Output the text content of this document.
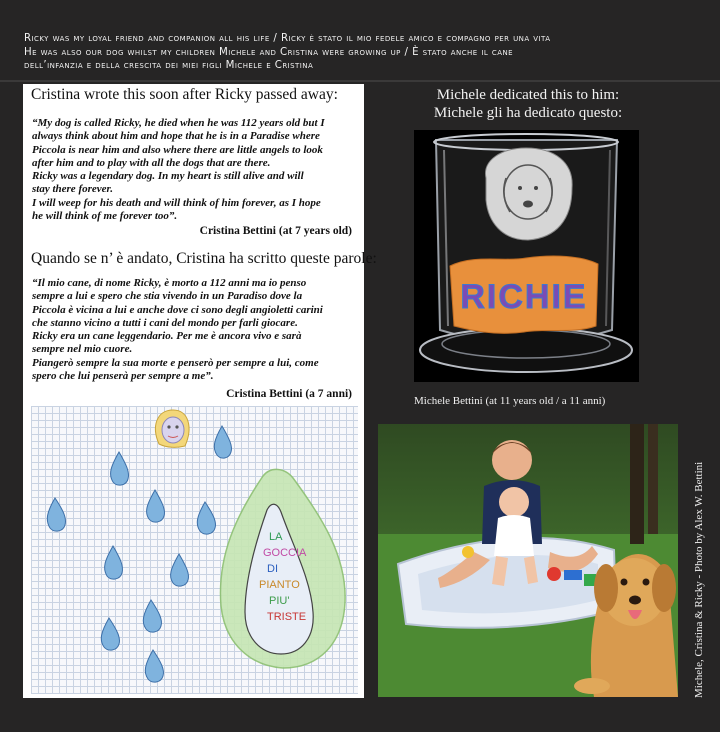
Ricky was my loyal friend and companion all his life / Ricky è stato il mio fedele amico e compagno per una vita
He was also our dog whilst my children Michele and Cristina were growing up / È stato anche il cane
dell’infanzia e della crescita dei miei figli Michele e Cristina
Cristina wrote this soon after Ricky passed away:
“My dog is called Ricky, he died when he was 112 years old but I
always think about him and hope that he is in a Paradise where
Piccola is near him and also where there are little angels to look
after him and to play with all the dogs that are there.
Ricky was a legendary dog. In my heart is still alive and will
stay there forever.
I will weep for his death and will think of him forever, as I hope
he will think of me forever too”.
Cristina Bettini (at 7 years old)
Quando se n’ è andato, Cristina ha scritto queste parole:
“Il mio cane, di nome Ricky, è morto a 112 anni ma io penso
sempre a lui e spero che stia vivendo in un Paradiso dove la
Piccola è vicina a lui e anche dove ci sono degli angioletti carini
che stanno vicino a tutti i cani del mondo per farli giocare.
Ricky era un cane leggendario. Per me è ancora vivo e sarà
sempre nel mio cuore.
Piangerò sempre la sua morte e penserò per sempre a lui, come
spero che lui penserà per sempre a me”.
Cristina Bettini (a 7 anni)
LA
GOCCIA
DI
PIANTO
PIU'
TRISTE
Michele dedicated this to him:
Michele gli ha dedicato questo:
RICHIE
Michele Bettini (at 11 years old / a 11 anni)
Michele, Cristina & Ricky - Photo by Alex W. Bettini
